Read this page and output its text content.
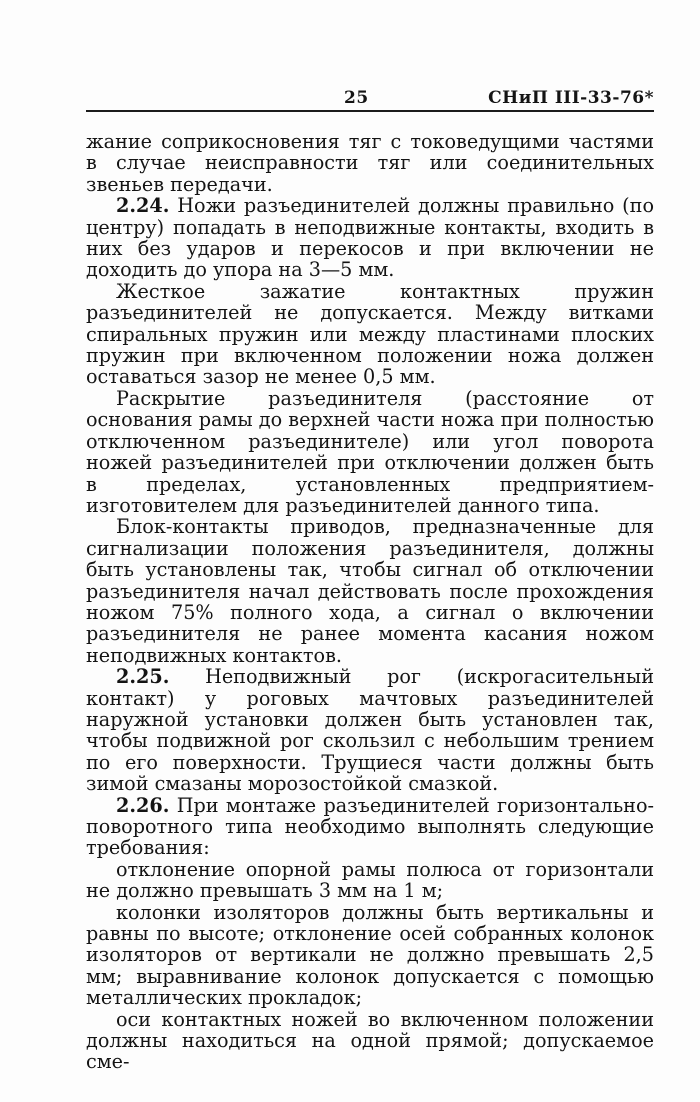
25	СНиП III-33-76*

жание соприкосновения тяг с токоведущими частями в случае неисправности тяг или соединительных звеньев передачи.

2.24. Ножи разъединителей должны правильно (по центру) попадать в неподвижные контакты, входить в них без ударов и перекосов и при включении не доходить до упора на 3—5 мм.

Жесткое зажатие контактных пружин разъединителей не допускается. Между витками спиральных пружин или между пластинами плоских пружин при включенном положении ножа должен оставаться зазор не менее 0,5 мм.

Раскрытие разъединителя (расстояние от основания рамы до верхней части ножа при полностью отключенном разъединителе) или угол поворота ножей разъединителей при отключении должен быть в пределах, установленных предприятием-изготовителем для разъединителей данного типа.

Блок-контакты приводов, предназначенные для сигнализации положения разъединителя, должны быть установлены так, чтобы сигнал об отключении разъединителя начал действовать после прохождения ножом 75% полного хода, а сигнал о включении разъединителя не ранее момента касания ножом неподвижных контактов.

2.25. Неподвижный рог (искрогасительный контакт) у роговых мачтовых разъединителей наружной установки должен быть установлен так, чтобы подвижной рог скользил с небольшим трением по его поверхности. Трущиеся части должны быть зимой смазаны морозостойкой смазкой.

2.26. При монтаже разъединителей горизонтально-поворотного типа необходимо выполнять следующие требования:

отклонение опорной рамы полюса от горизонтали не должно превышать 3 мм на 1 м;

колонки изоляторов должны быть вертикальны и равны по высоте; отклонение осей собранных колонок изоляторов от вертикали не должно превышать 2,5 мм; выравнивание колонок допускается с помощью металлических прокладок;

оси контактных ножей во включенном положении должны находиться на одной прямой; допускаемое сме-
